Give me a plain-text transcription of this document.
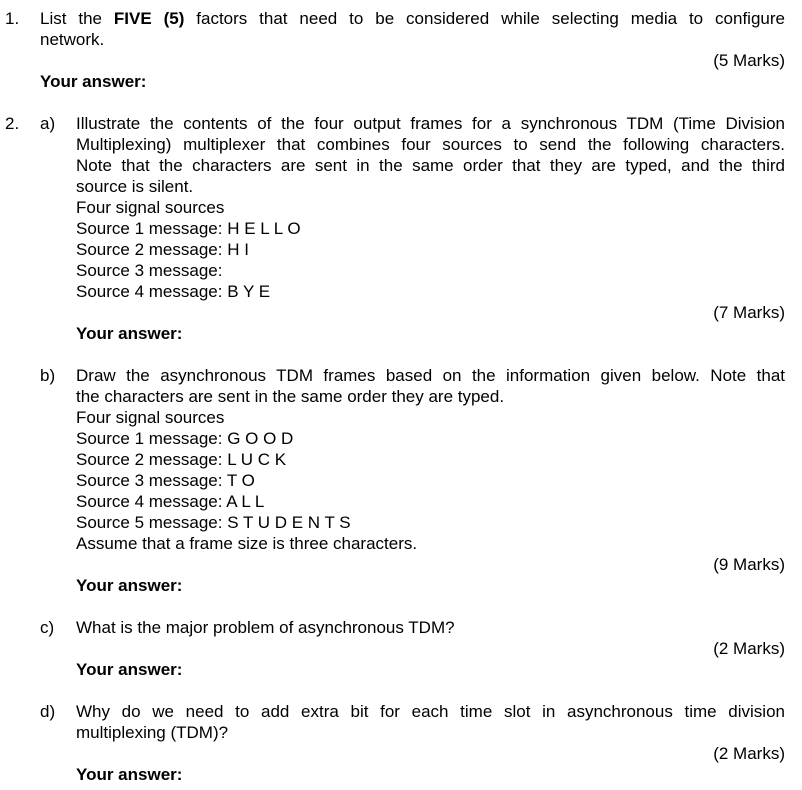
1. List the FIVE (5) factors that need to be considered while selecting media to configure
network.
(5 Marks)
Your answer:
2. a) Illustrate the contents of the four output frames for a synchronous TDM (Time Division
Multiplexing) multiplexer that combines four sources to send the following characters.
Note that the characters are sent in the same order that they are typed, and the third
source is silent.
Four signal sources
Source 1 message: H E L L O
Source 2 message: H I
Source 3 message:
Source 4 message: B Y E
(7 Marks)
Your answer:
b) Draw the asynchronous TDM frames based on the information given below. Note that
the characters are sent in the same order they are typed.
Four signal sources
Source 1 message: G O O D
Source 2 message: L U C K
Source 3 message: T O
Source 4 message: A L L
Source 5 message: S T U D E N T S
Assume that a frame size is three characters.
(9 Marks)
Your answer:
c) What is the major problem of asynchronous TDM?
(2 Marks)
Your answer:
d) Why do we need to add extra bit for each time slot in asynchronous time division
multiplexing (TDM)?
(2 Marks)
Your answer:
